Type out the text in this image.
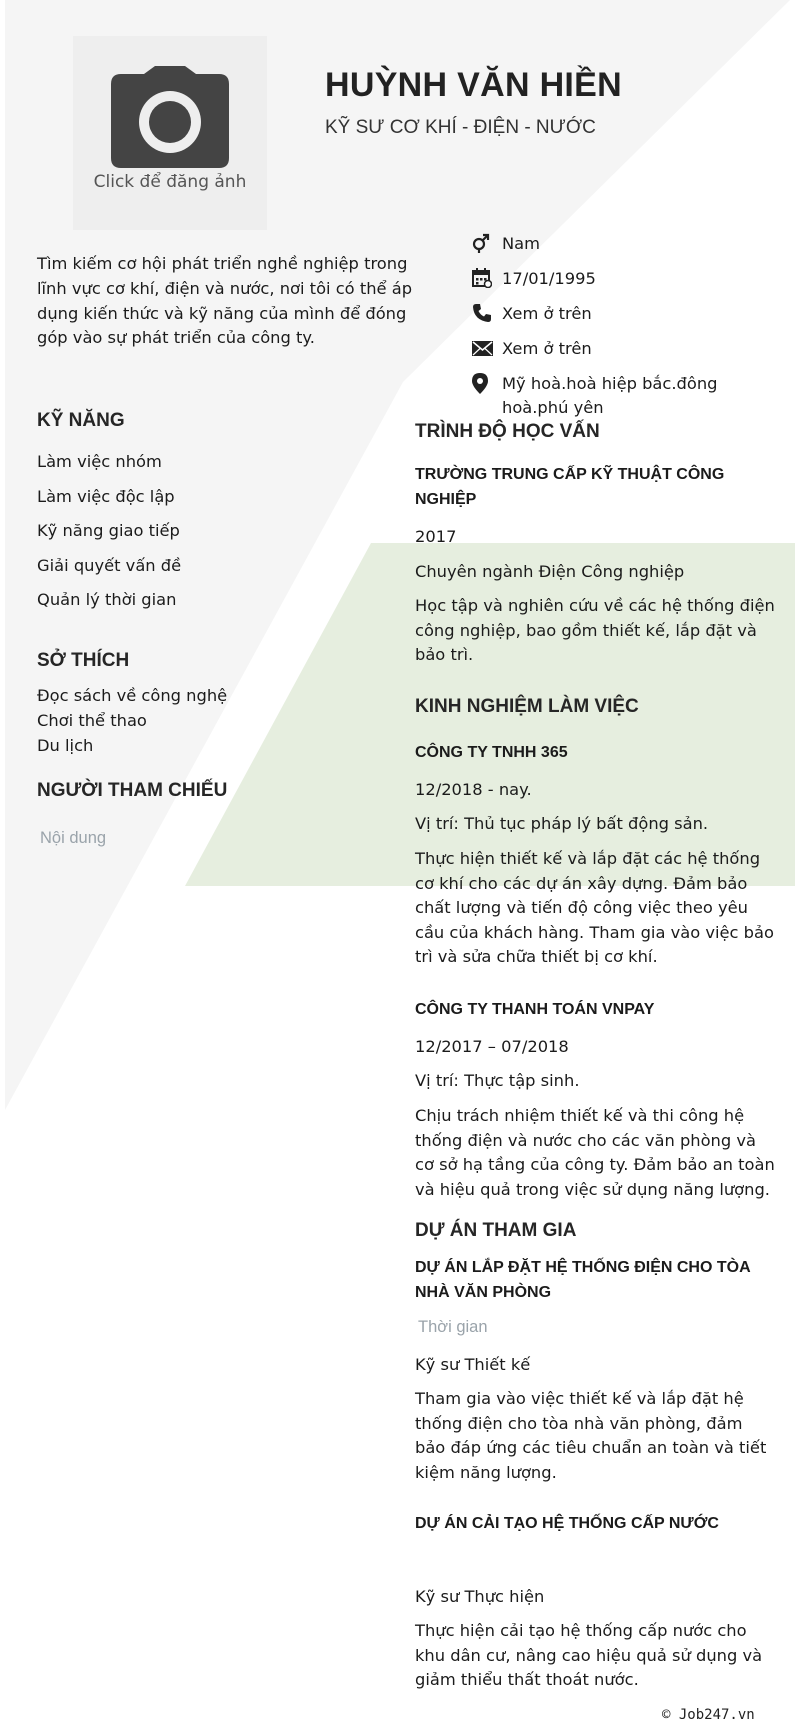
Click để đăng ảnh
HUỲNH VĂN HIỀN
KỸ SƯ CƠ KHÍ - ĐIỆN - NƯỚC
Tìm kiếm cơ hội phát triển nghề nghiệp trong lĩnh vực cơ khí, điện và nước, nơi tôi có thể áp dụng kiến thức và kỹ năng của mình để đóng góp vào sự phát triển của công ty.
Nam
17/01/1995
Xem ở trên
Xem ở trên
Mỹ hoà.hoà hiệp bắc.đông hoà.phú yên
KỸ NĂNG
Làm việc nhóm
Làm việc độc lập
Kỹ năng giao tiếp
Giải quyết vấn đề
Quản lý thời gian
SỞ THÍCH
Đọc sách về công nghệ
Chơi thể thao
Du lịch
NGƯỜI THAM CHIẾU
Nội dung
TRÌNH ĐỘ HỌC VẤN
TRƯỜNG TRUNG CẤP KỸ THUẬT CÔNG NGHIỆP
2017
Chuyên ngành Điện Công nghiệp
Học tập và nghiên cứu về các hệ thống điện công nghiệp, bao gồm thiết kế, lắp đặt và bảo trì.
KINH NGHIỆM LÀM VIỆC
CÔNG TY TNHH 365
12/2018 - nay.
Vị trí: Thủ tục pháp lý bất động sản.
Thực hiện thiết kế và lắp đặt các hệ thống cơ khí cho các dự án xây dựng. Đảm bảo chất lượng và tiến độ công việc theo yêu cầu của khách hàng. Tham gia vào việc bảo trì và sửa chữa thiết bị cơ khí.
CÔNG TY THANH TOÁN VNPAY
12/2017 – 07/2018
Vị trí: Thực tập sinh.
Chịu trách nhiệm thiết kế và thi công hệ thống điện và nước cho các văn phòng và cơ sở hạ tầng của công ty. Đảm bảo an toàn và hiệu quả trong việc sử dụng năng lượng.
DỰ ÁN THAM GIA
DỰ ÁN LẮP ĐẶT HỆ THỐNG ĐIỆN CHO TÒA NHÀ VĂN PHÒNG
Thời gian
Kỹ sư Thiết kế
Tham gia vào việc thiết kế và lắp đặt hệ thống điện cho tòa nhà văn phòng, đảm bảo đáp ứng các tiêu chuẩn an toàn và tiết kiệm năng lượng.
DỰ ÁN CẢI TẠO HỆ THỐNG CẤP NƯỚC
Kỹ sư Thực hiện
Thực hiện cải tạo hệ thống cấp nước cho khu dân cư, nâng cao hiệu quả sử dụng và giảm thiểu thất thoát nước.
© Job247.vn
